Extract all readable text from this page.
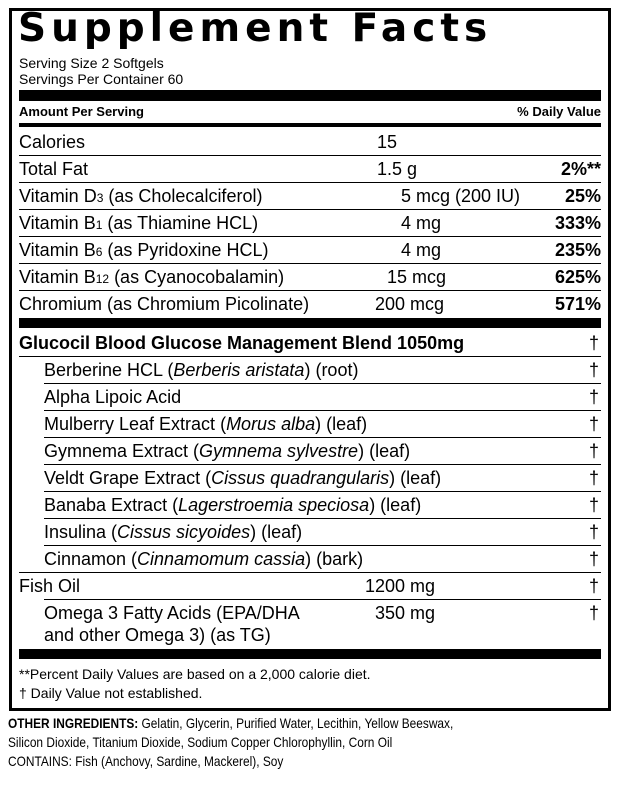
Supplement Facts
Serving Size 2 Softgels
Servings Per Container 60
Amount Per Serving	% Daily Value
Calories	15
Total Fat	1.5 g	2%**
Vitamin D3 (as Cholecalciferol)	5 mcg (200 IU) 25%
Vitamin B1 (as Thiamine HCL)	4 mg	333%
Vitamin B6 (as Pyridoxine HCL)	4 mg	235%
Vitamin B12 (as Cyanocobalamin)	15 mcg	625%
Chromium (as Chromium Picolinate)	200 mcg	571%
Glucocil Blood Glucose Management Blend 1050mg	†
Berberine HCL (Berberis aristata) (root)	†
Alpha Lipoic Acid	†
Mulberry Leaf Extract (Morus alba) (leaf)	†
Gymnema Extract (Gymnema sylvestre) (leaf)	†
Veldt Grape Extract (Cissus quadrangularis) (leaf)	†
Banaba Extract (Lagerstroemia speciosa) (leaf)	†
Insulina (Cissus sicyoides) (leaf)	†
Cinnamon (Cinnamomum cassia) (bark)	†
Fish Oil	1200 mg	†
Omega 3 Fatty Acids (EPA/DHA	350 mg	†
and other Omega 3) (as TG)
**Percent Daily Values are based on a 2,000 calorie diet.
† Daily Value not established.
OTHER INGREDIENTS: Gelatin, Glycerin, Purified Water, Lecithin, Yellow Beeswax,
Silicon Dioxide, Titanium Dioxide, Sodium Copper Chlorophyllin, Corn Oil
CONTAINS: Fish (Anchovy, Sardine, Mackerel), Soy
